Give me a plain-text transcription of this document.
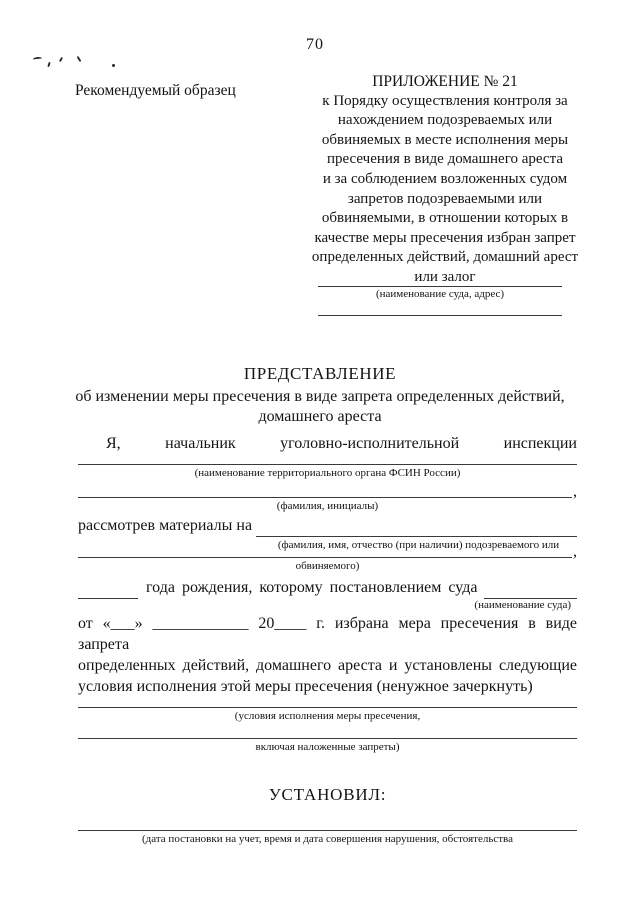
70
Рекомендуемый образец
ПРИЛОЖЕНИЕ № 21
к Порядку осуществления контроля за
нахождением подозреваемых или
обвиняемых в месте исполнения меры
пресечения в виде домашнего ареста
и за соблюдением возложенных судом
запретов подозреваемыми или
обвиняемыми, в отношении которых в
качестве меры пресечения избран запрет
определенных действий, домашний арест
или залог
(наименование суда, адрес)
ПРЕДСТАВЛЕНИЕ
об изменении меры пресечения в виде запрета определенных действий,
домашнего ареста
Я,	начальник	уголовно-исполнительной	инспекции
(наименование территориального органа ФСИН России)
,
(фамилия, инициалы)
рассмотрев материалы на
(фамилия, имя, отчество (при наличии) подозреваемого или ,
обвиняемого)
года рождения, которому постановлением суда
(наименование суда)
от «___» ____________ 20____ г. избрана мера пресечения в виде запрета
определенных действий, домашнего ареста и установлены следующие
условия исполнения этой меры пресечения (ненужное зачеркнуть)
(условия исполнения меры пресечения,
включая наложенные запреты)
УСТАНОВИЛ:
(дата постановки на учет, время и дата совершения нарушения, обстоятельства
